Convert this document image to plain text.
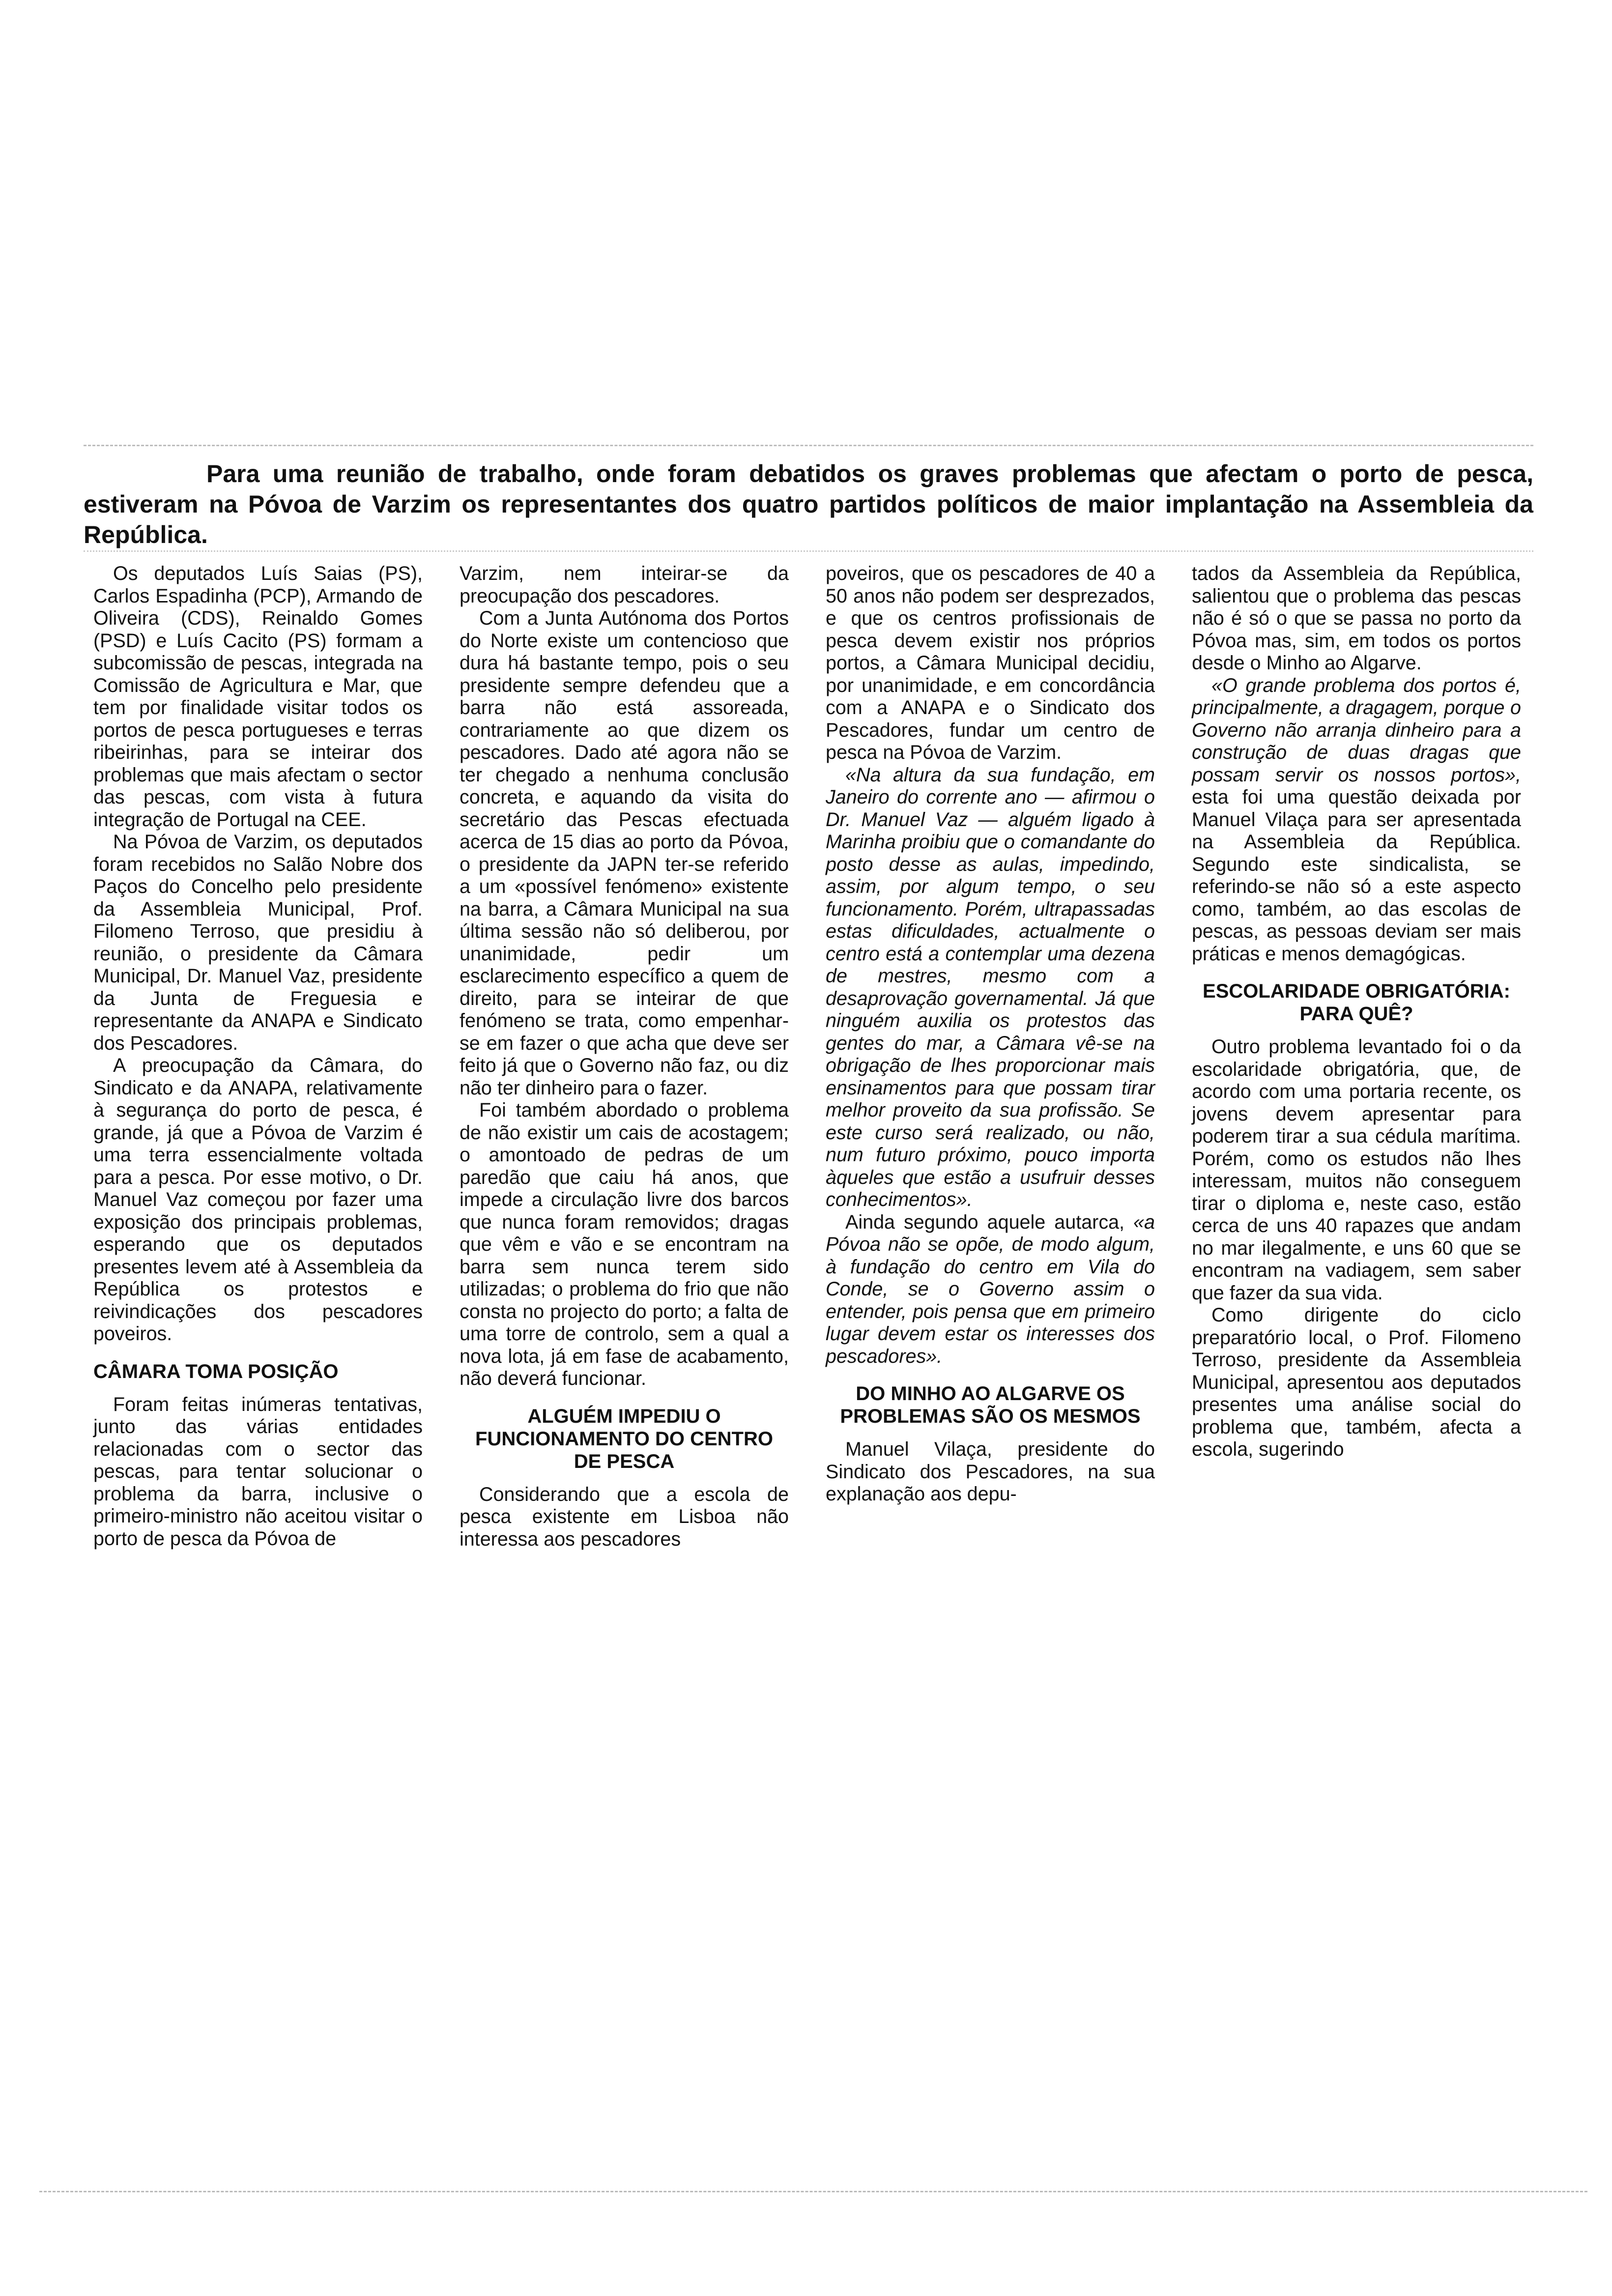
Para uma reunião de trabalho, onde foram debatidos os graves problemas que afectam o porto de pesca, estiveram na Póvoa de Varzim os representantes dos quatro partidos políticos de maior implantação na Assembleia da República.

Os deputados Luís Saias (PS), Carlos Espadinha (PCP), Armando de Oliveira (CDS), Reinaldo Gomes (PSD) e Luís Cacito (PS) formam a subcomissão de pescas, integrada na Comissão de Agricultura e Mar, que tem por finalidade visitar todos os portos de pesca portugueses e terras ribeirinhas, para se inteirar dos problemas que mais afectam o sector das pescas, com vista à futura integração de Portugal na CEE.

Na Póvoa de Varzim, os deputados foram recebidos no Salão Nobre dos Paços do Concelho pelo presidente da Assembleia Municipal, Prof. Filomeno Terroso, que presidiu à reunião, o presidente da Câmara Municipal, Dr. Manuel Vaz, presidente da Junta de Freguesia e representante da ANAPA e Sindicato dos Pescadores.

A preocupação da Câmara, do Sindicato e da ANAPA, relativamente à segurança do porto de pesca, é grande, já que a Póvoa de Varzim é uma terra essencialmente voltada para a pesca. Por esse motivo, o Dr. Manuel Vaz começou por fazer uma exposição dos principais problemas, esperando que os deputados presentes levem até à Assembleia da República os protestos e reivindicações dos pescadores poveiros.

CÂMARA TOMA POSIÇÃO

Foram feitas inúmeras tentativas, junto das várias entidades relacionadas com o sector das pescas, para tentar solucionar o problema da barra, inclusive o primeiro-ministro não aceitou visitar o porto de pesca da Póvoa de

Varzim, nem inteirar-se da preocupação dos pescadores.

Com a Junta Autónoma dos Portos do Norte existe um contencioso que dura há bastante tempo, pois o seu presidente sempre defendeu que a barra não está assoreada, contrariamente ao que dizem os pescadores. Dado até agora não se ter chegado a nenhuma conclusão concreta, e aquando da visita do secretário das Pescas efectuada acerca de 15 dias ao porto da Póvoa, o presidente da JAPN ter-se referido a um «possível fenómeno» existente na barra, a Câmara Municipal na sua última sessão não só deliberou, por unanimidade, pedir um esclarecimento específico a quem de direito, para se inteirar de que fenómeno se trata, como empenhar-se em fazer o que acha que deve ser feito já que o Governo não faz, ou diz não ter dinheiro para o fazer.

Foi também abordado o problema de não existir um cais de acostagem; o amontoado de pedras de um paredão que caiu há anos, que impede a circulação livre dos barcos que nunca foram removidos; dragas que vêm e vão e se encontram na barra sem nunca terem sido utilizadas; o problema do frio que não consta no projecto do porto; a falta de uma torre de controlo, sem a qual a nova lota, já em fase de acabamento, não deverá funcionar.

ALGUÉM IMPEDIU O FUNCIONAMENTO DO CENTRO DE PESCA

Considerando que a escola de pesca existente em Lisboa não interessa aos pescadores

poveiros, que os pescadores de 40 a 50 anos não podem ser desprezados, e que os centros profissionais de pesca devem existir nos próprios portos, a Câmara Municipal decidiu, por unanimidade, e em concordância com a ANAPA e o Sindicato dos Pescadores, fundar um centro de pesca na Póvoa de Varzim.

«Na altura da sua fundação, em Janeiro do corrente ano — afirmou o Dr. Manuel Vaz — alguém ligado à Marinha proibiu que o comandante do posto desse as aulas, impedindo, assim, por algum tempo, o seu funcionamento. Porém, ultrapassadas estas dificuldades, actualmente o centro está a contemplar uma dezena de mestres, mesmo com a desaprovação governamental. Já que ninguém auxilia os protestos das gentes do mar, a Câmara vê-se na obrigação de lhes proporcionar mais ensinamentos para que possam tirar melhor proveito da sua profissão. Se este curso será realizado, ou não, num futuro próximo, pouco importa àqueles que estão a usufruir desses conhecimentos».

Ainda segundo aquele autarca, «a Póvoa não se opõe, de modo algum, à fundação do centro em Vila do Conde, se o Governo assim o entender, pois pensa que em primeiro lugar devem estar os interesses dos pescadores».

DO MINHO AO ALGARVE OS PROBLEMAS SÃO OS MESMOS

Manuel Vilaça, presidente do Sindicato dos Pescadores, na sua explanação aos depu-

tados da Assembleia da República, salientou que o problema das pescas não é só o que se passa no porto da Póvoa mas, sim, em todos os portos desde o Minho ao Algarve.

«O grande problema dos portos é, principalmente, a dragagem, porque o Governo não arranja dinheiro para a construção de duas dragas que possam servir os nossos portos», esta foi uma questão deixada por Manuel Vilaça para ser apresentada na Assembleia da República. Segundo este sindicalista, se referindo-se não só a este aspecto como, também, ao das escolas de pescas, as pessoas deviam ser mais práticas e menos demagógicas.

ESCOLARIDADE OBRIGATÓRIA: PARA QUÊ?

Outro problema levantado foi o da escolaridade obrigatória, que, de acordo com uma portaria recente, os jovens devem apresentar para poderem tirar a sua cédula marítima. Porém, como os estudos não lhes interessam, muitos não conseguem tirar o diploma e, neste caso, estão cerca de uns 40 rapazes que andam no mar ilegalmente, e uns 60 que se encontram na vadiagem, sem saber que fazer da sua vida.

Como dirigente do ciclo preparatório local, o Prof. Filomeno Terroso, presidente da Assembleia Municipal, apresentou aos deputados presentes uma análise social do problema que, também, afecta a escola, sugerindo
